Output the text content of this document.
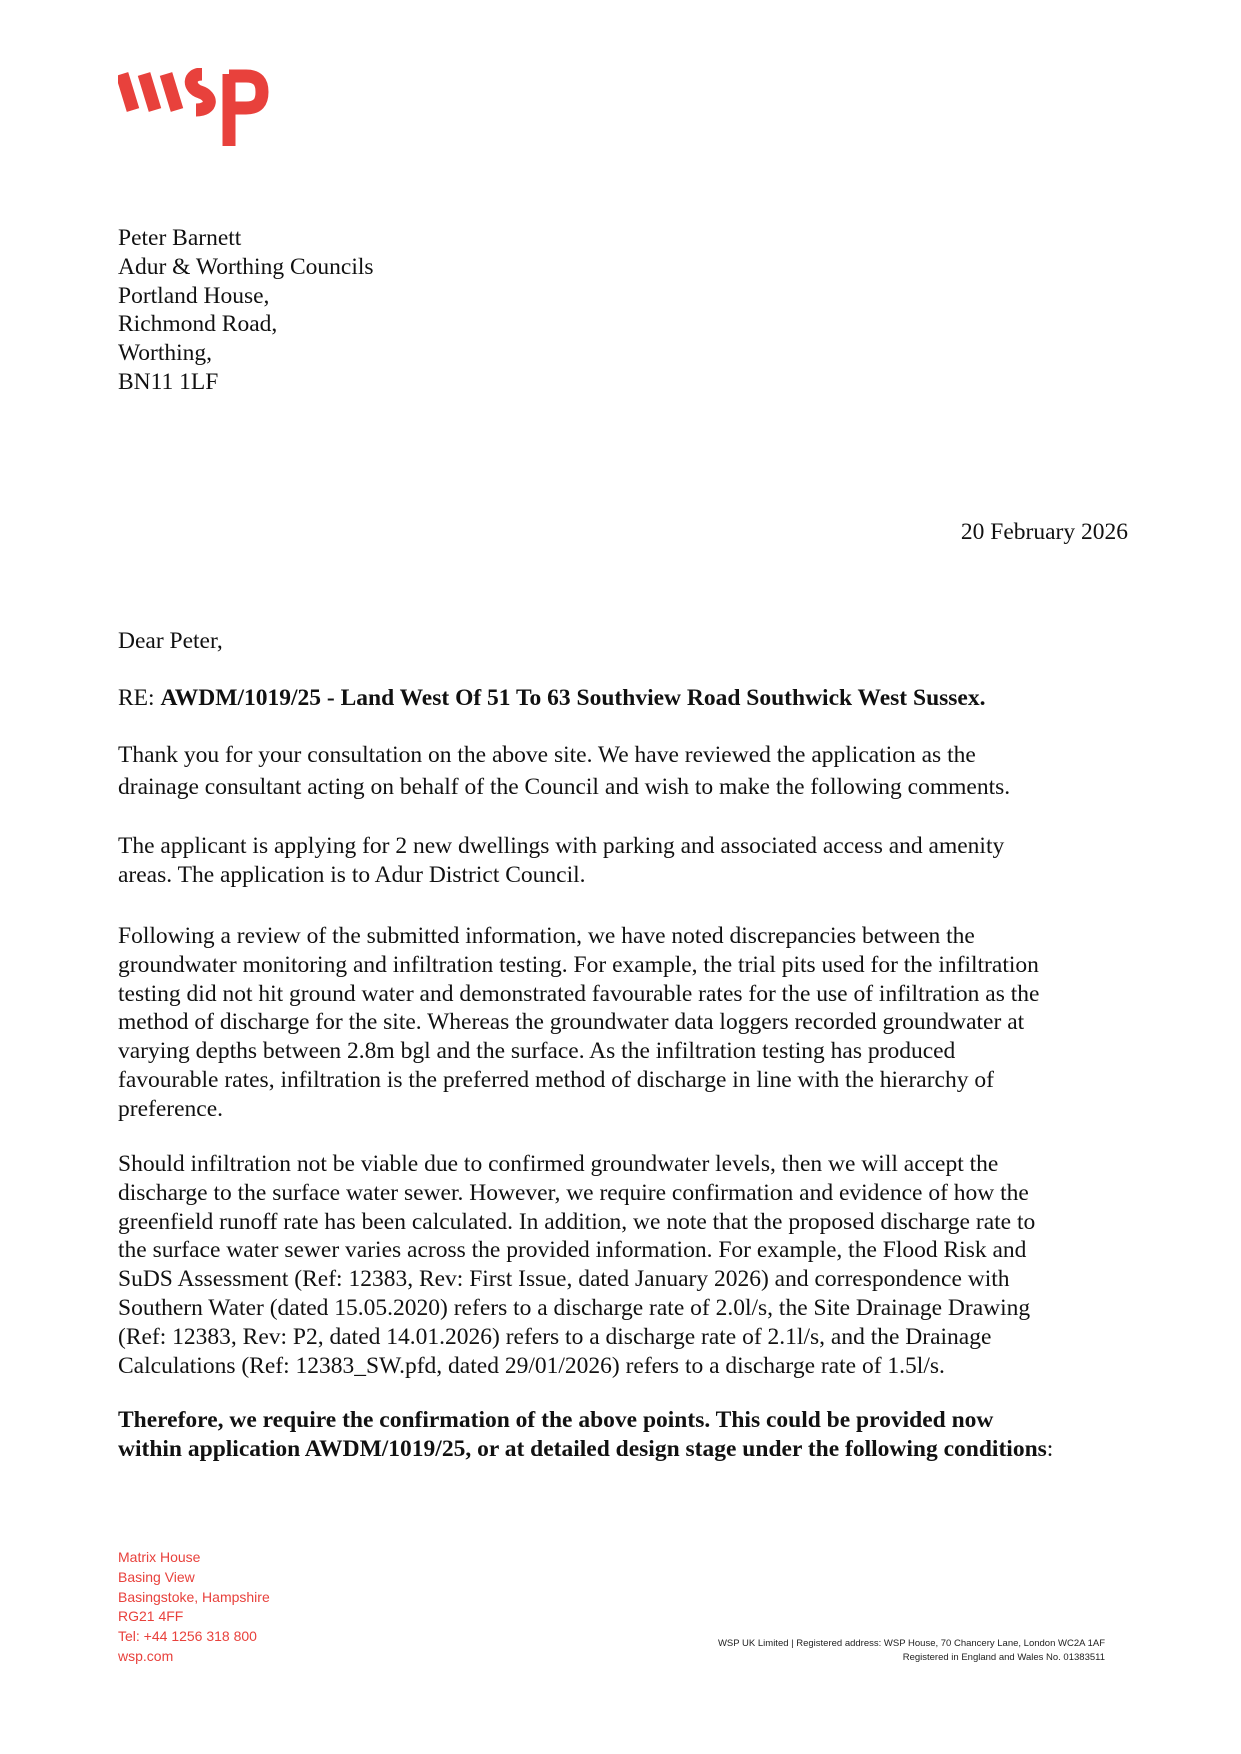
Peter Barnett
Adur & Worthing Councils
Portland House,
Richmond Road,
Worthing,
BN11 1LF
20 February 2026
Dear Peter,
RE: AWDM/1019/25 - Land West Of 51 To 63 Southview Road Southwick West Sussex.
Thank you for your consultation on the above site. We have reviewed the application as the
drainage consultant acting on behalf of the Council and wish to make the following comments.
The applicant is applying for 2 new dwellings with parking and associated access and amenity
areas. The application is to Adur District Council.
Following a review of the submitted information, we have noted discrepancies between the
groundwater monitoring and infiltration testing. For example, the trial pits used for the infiltration
testing did not hit ground water and demonstrated favourable rates for the use of infiltration as the
method of discharge for the site. Whereas the groundwater data loggers recorded groundwater at
varying depths between 2.8m bgl and the surface. As the infiltration testing has produced
favourable rates, infiltration is the preferred method of discharge in line with the hierarchy of
preference.
Should infiltration not be viable due to confirmed groundwater levels, then we will accept the
discharge to the surface water sewer. However, we require confirmation and evidence of how the
greenfield runoff rate has been calculated. In addition, we note that the proposed discharge rate to
the surface water sewer varies across the provided information. For example, the Flood Risk and
SuDS Assessment (Ref: 12383, Rev: First Issue, dated January 2026) and correspondence with
Southern Water (dated 15.05.2020) refers to a discharge rate of 2.0l/s, the Site Drainage Drawing
(Ref: 12383, Rev: P2, dated 14.01.2026) refers to a discharge rate of 2.1l/s, and the Drainage
Calculations (Ref: 12383_SW.pfd, dated 29/01/2026) refers to a discharge rate of 1.5l/s.
Therefore, we require the confirmation of the above points. This could be provided now
within application AWDM/1019/25, or at detailed design stage under the following conditions:
Matrix House
Basing View
Basingstoke, Hampshire
RG21 4FF
Tel: +44 1256 318 800
wsp.com
WSP UK Limited | Registered address: WSP House, 70 Chancery Lane, London WC2A 1AF
Registered in England and Wales No. 01383511
